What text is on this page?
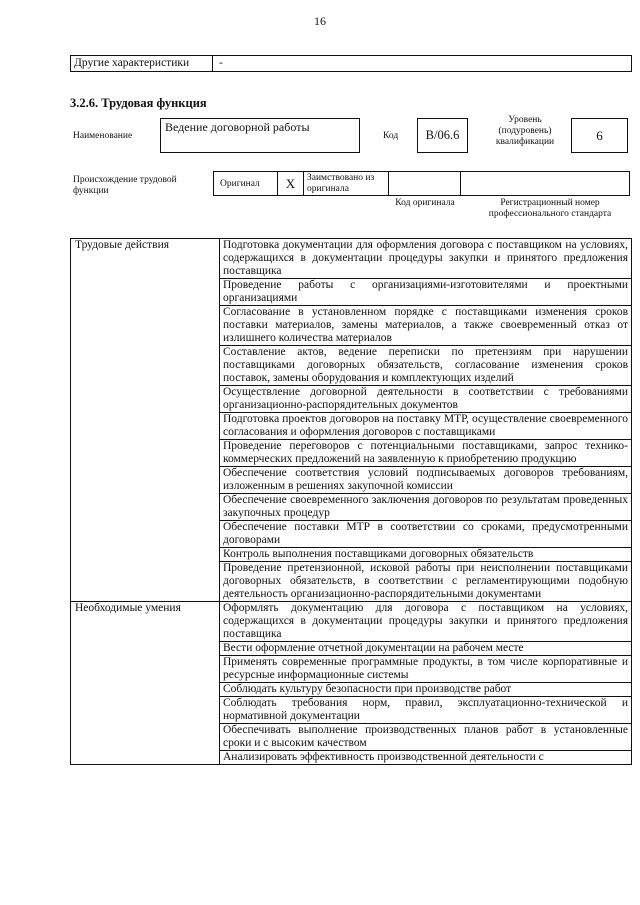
16
Другие характеристики	-
3.2.6. Трудовая функция
Наименование
Ведение договорной работы
Код	B/06.6
Уровень (подуровень) квалификации	6
Происхождение трудовой функции
Оригинал	X	Заимствовано из оригинала
Код оригинала	Регистрационный номер профессионального стандарта
Трудовые действия	Подготовка документации для оформления договора с поставщиком на условиях, содержащихся в документации процедуры закупки и принятого предложения поставщика
	Проведение работы с организациями-изготовителями и проектными организациями
	Согласование в установленном порядке с поставщиками изменения сроков поставки материалов, замены материалов, а также своевременный отказ от излишнего количества материалов
	Составление актов, ведение переписки по претензиям при нарушении поставщиками договорных обязательств, согласование изменения сроков поставок, замены оборудования и комплектующих изделий
	Осуществление договорной деятельности в соответствии с требованиями организационно-распорядительных документов
	Подготовка проектов договоров на поставку МТР, осуществление своевременного согласования и оформления договоров с поставщиками
	Проведение переговоров с потенциальными поставщиками, запрос технико-коммерческих предложений на заявленную к приобретению продукцию
	Обеспечение соответствия условий подписываемых договоров требованиям, изложенным в решениях закупочной комиссии
	Обеспечение своевременного заключения договоров по результатам проведенных закупочных процедур
	Обеспечение поставки МТР в соответствии со сроками, предусмотренными договорами
	Контроль выполнения поставщиками договорных обязательств
	Проведение претензионной, исковой работы при неисполнении поставщиками договорных обязательств, в соответствии с регламентирующими подобную деятельность организационно-распорядительными документами
Необходимые умения	Оформлять документацию для договора с поставщиком на условиях, содержащихся в документации процедуры закупки и принятого предложения поставщика
	Вести оформление отчетной документации на рабочем месте
	Применять современные программные продукты, в том числе корпоративные и ресурсные информационные системы
	Соблюдать культуру безопасности при производстве работ
	Соблюдать требования норм, правил, эксплуатационно-технической и нормативной документации
	Обеспечивать выполнение производственных планов работ в установленные сроки и с высоким качеством
	Анализировать эффективность производственной деятельности с
